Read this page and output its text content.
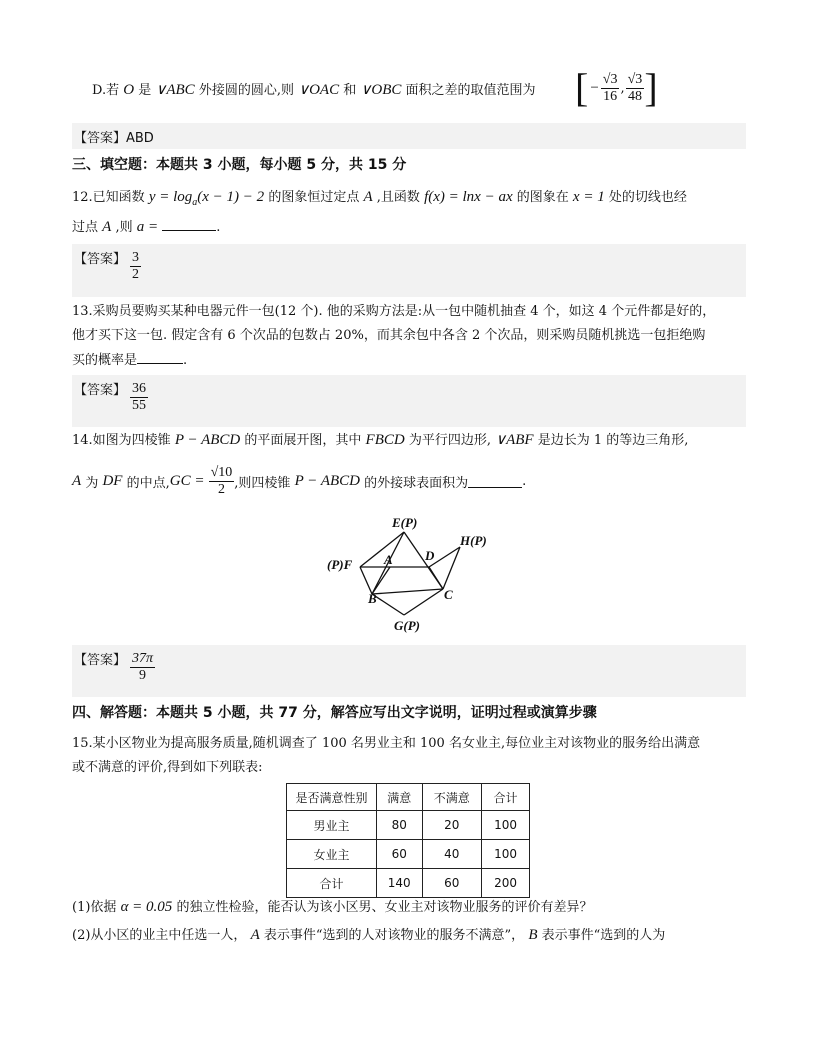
D.若 O 是 ∨ABC 外接圆的圆心,则 ∨OAC 和 ∨OBC 面积之差的取值范围为 [ − $\frac{√3}{16}$ , $\frac{√3}{48}$ ]
【答案】ABD
三、填空题：本题共 3 小题，每小题 5 分，共 15 分
12.已知函数 $y = \log_a(x - 1) - 2$ 的图象恒过定点 A ,且函数 f(x) = lnx − ax 的图象在 x = 1 处的切线也经
过点 A ,则 a =	.
【答案】 $\frac{3}{2}$
13.采购员要购买某种电器元件一包(12 个). 他的采购方法是:从一包中随机抽查 4 个，如这 4 个元件都是好的，
他才买下这一包. 假定含有 6 个次品的包数占 20%，而其余包中各含 2 个次品，则采购员随机挑选一包拒绝购
买的概率是	.
【答案】 $\frac{36}{55}$
14.如图为四棱锥 P − ABCD 的平面展开图，其中 FBCD 为平行四边形, ∨ABF 是边长为 1 的等边三角形,
A
为
DF
的中点, GC =
$\frac{√10}{2}$ ,则四棱锥
P − ABCD
的外接球表面积为	.
E(P)
H(P)
(P)F A D
B	C
G(P)
【答案】 $\frac{37\pi}{9}$
四、解答题：本题共 5 小题，共 77 分，解答应写出文字说明，证明过程或演算步骤
15.某小区物业为提高服务质量,随机调查了 100 名男业主和 100 名女业主,每位业主对该物业的服务给出满意
或不满意的评价,得到如下列联表:
是否满意性别	满意	不满意	合计
男业主	80	20	100
女业主	60	40	100
合计	140	60	200
(1)依据 α = 0.05 的独立性检验，能否认为该小区男、女业主对该物业服务的评价有差异？
(2)从小区的业主中任选一人， A 表示事件“选到的人对该物业的服务不满意”， B 表示事件“选到的人为
